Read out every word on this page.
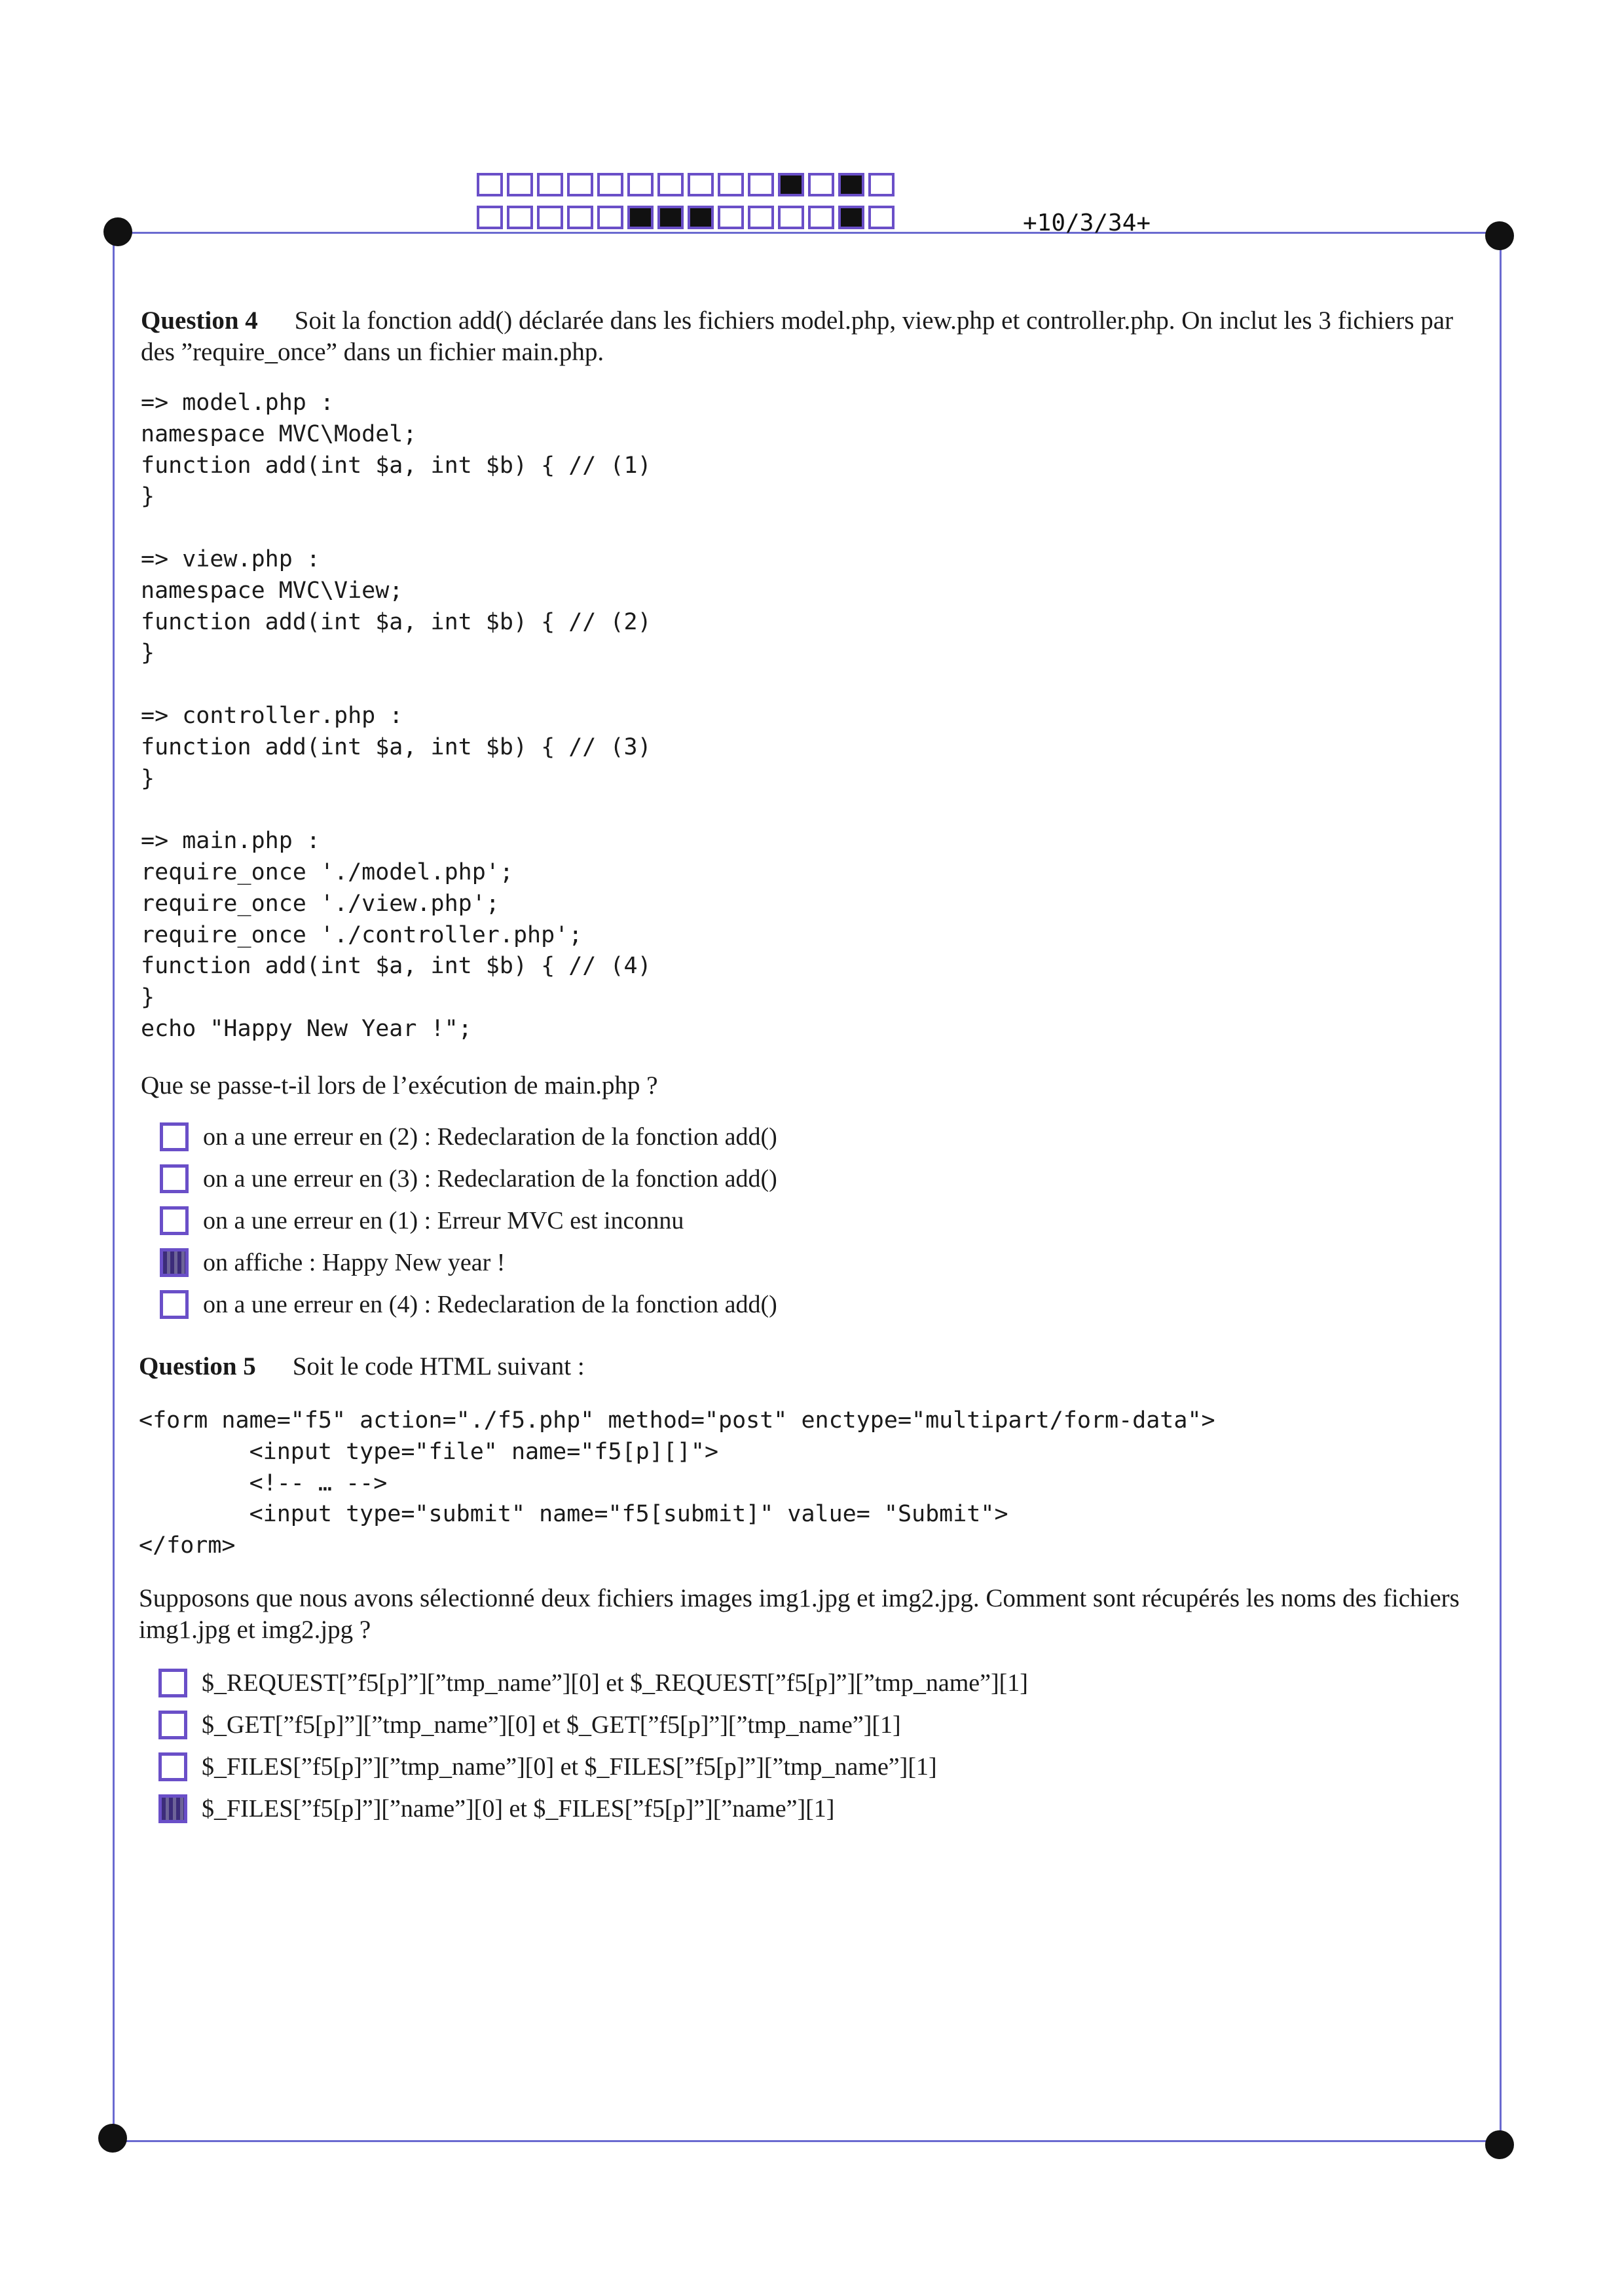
+10/3/34+
Question 4 Soit la fonction add() déclarée dans les fichiers model.php, view.php et controller.php. On inclut les 3 fichiers par des ”require_once” dans un fichier main.php.
=> model.php :
namespace MVC\Model;
function add(int $a, int $b) { // (1)
}

=> view.php :
namespace MVC\View;
function add(int $a, int $b) { // (2)
}

=> controller.php :
function add(int $a, int $b) { // (3)
}

=> main.php :
require_once './model.php';
require_once './view.php';
require_once './controller.php';
function add(int $a, int $b) { // (4)
}
echo "Happy New Year !";
Que se passe-t-il lors de l’exécution de main.php ?
on a une erreur en (2) : Redeclaration de la fonction add()
on a une erreur en (3) : Redeclaration de la fonction add()
on a une erreur en (1) : Erreur MVC est inconnu
on affiche : Happy New year !
on a une erreur en (4) : Redeclaration de la fonction add()
Question 5 Soit le code HTML suivant :
<form name="f5" action="./f5.php" method="post" enctype="multipart/form-data">
<input type="file" name="f5[p][]">
<!-- … -->
<input type="submit" name="f5[submit]" value= "Submit">
</form>
Supposons que nous avons sélectionné deux fichiers images img1.jpg et img2.jpg. Comment sont récupérés les noms des fichiers img1.jpg et img2.jpg ?
$_REQUEST[”f5[p]”][”tmp_name”][0] et $_REQUEST[”f5[p]”][”tmp_name”][1]
$_GET[”f5[p]”][”tmp_name”][0] et $_GET[”f5[p]”][”tmp_name”][1]
$_FILES[”f5[p]”][”tmp_name”][0] et $_FILES[”f5[p]”][”tmp_name”][1]
$_FILES[”f5[p]”][”name”][0] et $_FILES[”f5[p]”][”name”][1]
